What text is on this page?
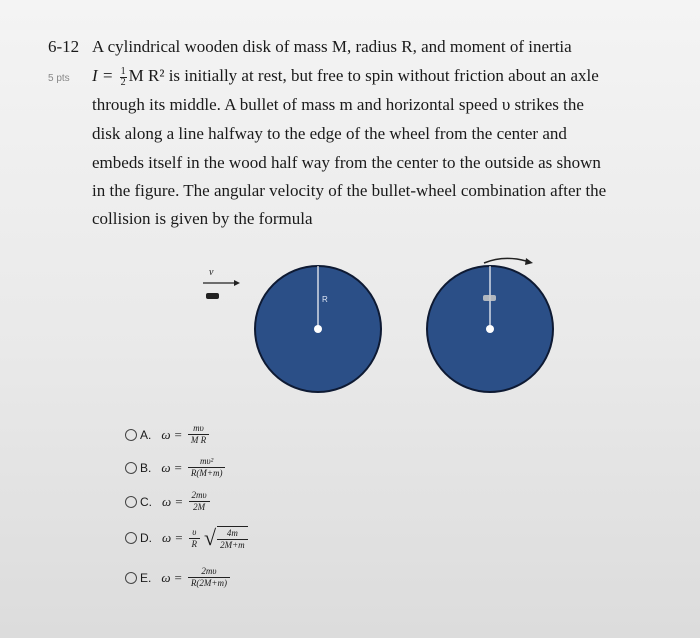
6-12
5 pts
A cylindrical wooden disk of mass M, radius R, and moment of inertia
$I = \frac{1}{2}$ M R² is initially at rest, but free to spin without friction about an axle
through its middle. A bullet of mass m and horizontal speed υ strikes the
disk along a line halfway to the edge of the wheel from the center and
embeds itself in the wood half way from the center to the outside as shown
in the figure. The angular velocity of the bullet-wheel combination after the
collision is given by the formula
v
R
A. $\omega = \frac{m\upsilon}{\text{M R}}$
B. $\omega = \frac{\text{mυ²}}{R(M+m)}$
C. $\omega = \frac{2m\upsilon}{2M}$
D. $\omega = \frac{\upsilon}{R}$ √ $\frac{4m}{2M+m}$
E. $\omega = \frac{2m\upsilon}{R(2M+m)}$
